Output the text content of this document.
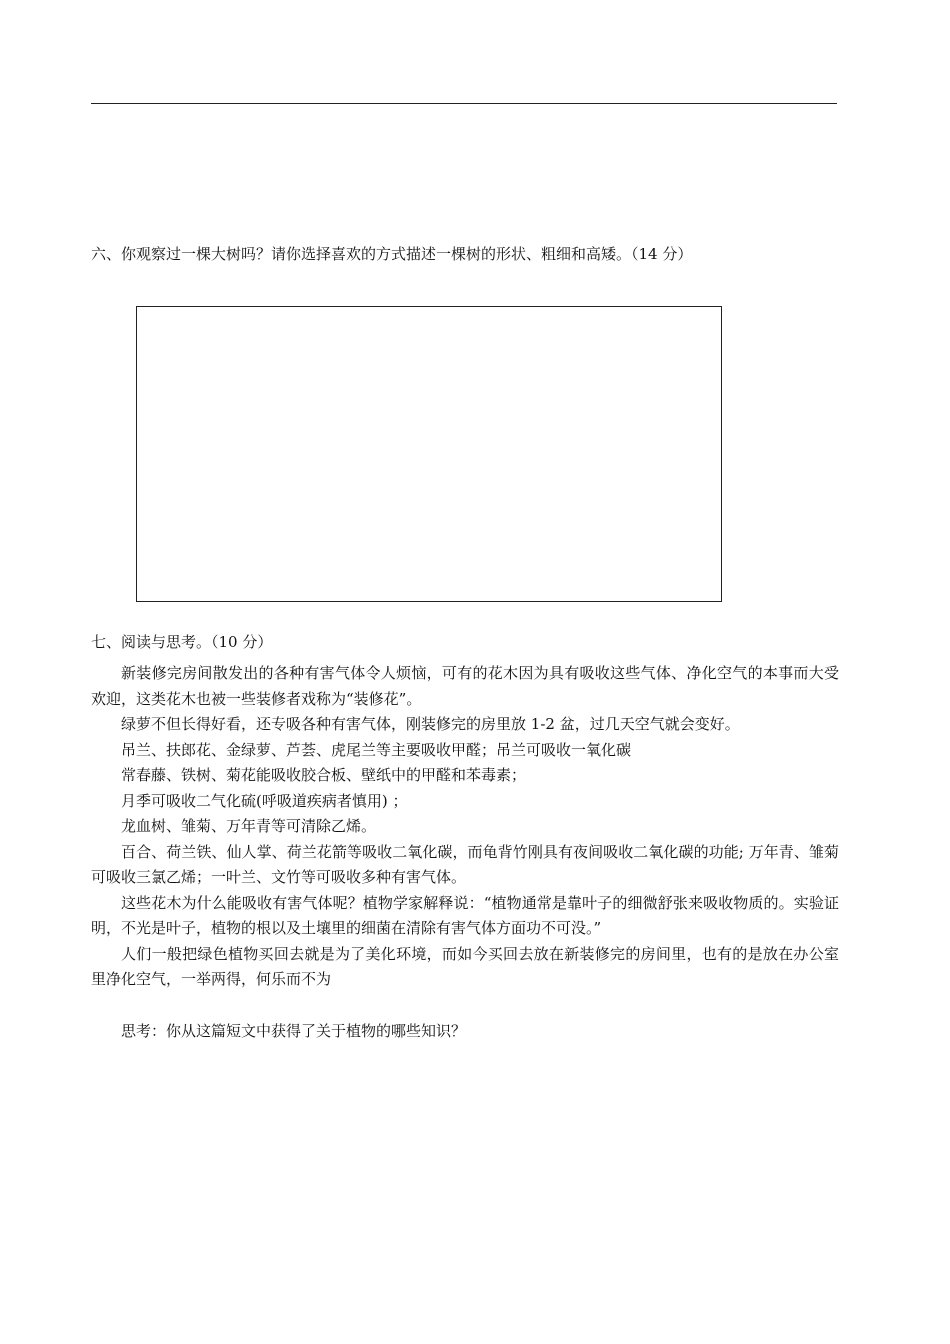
六、你观察过一棵大树吗？请你选择喜欢的方式描述一棵树的形状、粗细和高矮。（14 分）
七、阅读与思考。（10 分）

新装修完房间散发出的各种有害气体令人烦恼，可有的花木因为具有吸收这些气体、净化空气的本事而大受欢迎，这类花木也被一些装修者戏称为“装修花”。

绿萝不但长得好看，还专吸各种有害气体，刚装修完的房里放 1-2 盆，过几天空气就会变好。

吊兰、扶郎花、金绿萝、芦荟、虎尾兰等主要吸收甲醛；吊兰可吸收一氧化碳

常春藤、铁树、菊花能吸收胶合板、壁纸中的甲醛和苯毒素；

月季可吸收二气化硫(呼吸道疾病者慎用) ；

龙血树、雏菊、万年青等可清除乙烯。

百合、荷兰铁、仙人掌、荷兰花箭等吸收二氧化碳，而龟背竹刚具有夜间吸收二氧化碳的功能; 万年青、雏菊可吸收三氯乙烯；一叶兰、文竹等可吸收多种有害气体。

这些花木为什么能吸收有害气体呢？植物学家解释说：“植物通常是靠叶子的细微舒张来吸收物质的。实验证明，不光是叶子，植物的根以及土壤里的细菌在清除有害气体方面功不可没。”

人们一般把绿色植物买回去就是为了美化环境，而如今买回去放在新装修完的房间里，也有的是放在办公室里净化空气，一举两得，何乐而不为

思考：你从这篇短文中获得了关于植物的哪些知识？
